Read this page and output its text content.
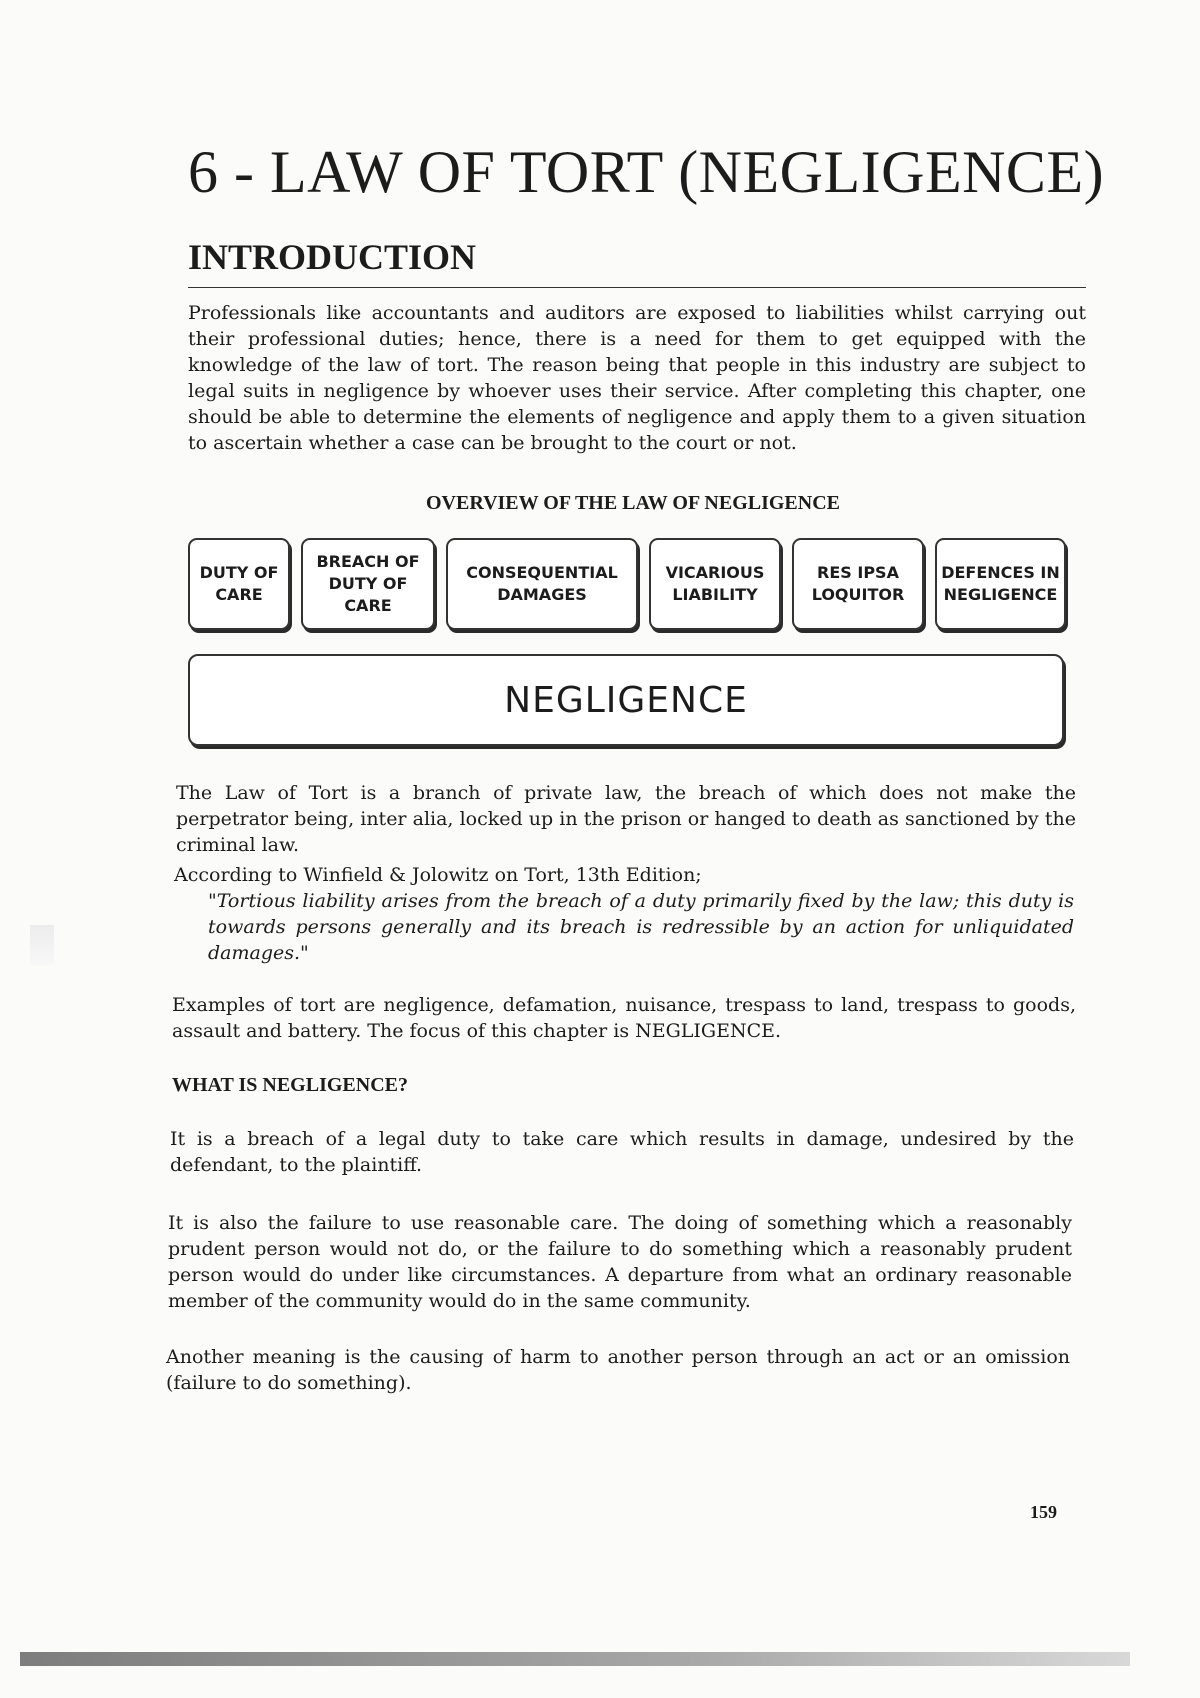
6 - LAW OF TORT (NEGLIGENCE)
INTRODUCTION

Professionals like accountants and auditors are exposed to liabilities whilst carrying out their professional duties; hence, there is a need for them to get equipped with the knowledge of the law of tort. The reason being that people in this industry are subject to legal suits in negligence by whoever uses their service. After completing this chapter, one should be able to determine the elements of negligence and apply them to a given situation to ascertain whether a case can be brought to the court or not.

OVERVIEW OF THE LAW OF NEGLIGENCE
DUTY OF CARE
BREACH OF DUTY OF CARE
CONSEQUENTIAL DAMAGES
VICARIOUS LIABILITY
RES IPSA LOQUITOR
DEFENCES IN NEGLIGENCE
NEGLIGENCE

The Law of Tort is a branch of private law, the breach of which does not make the perpetrator being, inter alia, locked up in the prison or hanged to death as sanctioned by the criminal law.

According to Winfield & Jolowitz on Tort, 13th Edition;

"Tortious liability arises from the breach of a duty primarily fixed by the law; this duty is towards persons generally and its breach is redressible by an action for unliquidated damages."

Examples of tort are negligence, defamation, nuisance, trespass to land, trespass to goods, assault and battery. The focus of this chapter is NEGLIGENCE.

WHAT IS NEGLIGENCE?

It is a breach of a legal duty to take care which results in damage, undesired by the defendant, to the plaintiff.

It is also the failure to use reasonable care. The doing of something which a reasonably prudent person would not do, or the failure to do something which a reasonably prudent person would do under like circumstances. A departure from what an ordinary reasonable member of the community would do in the same community.

Another meaning is the causing of harm to another person through an act or an omission (failure to do something).

159
